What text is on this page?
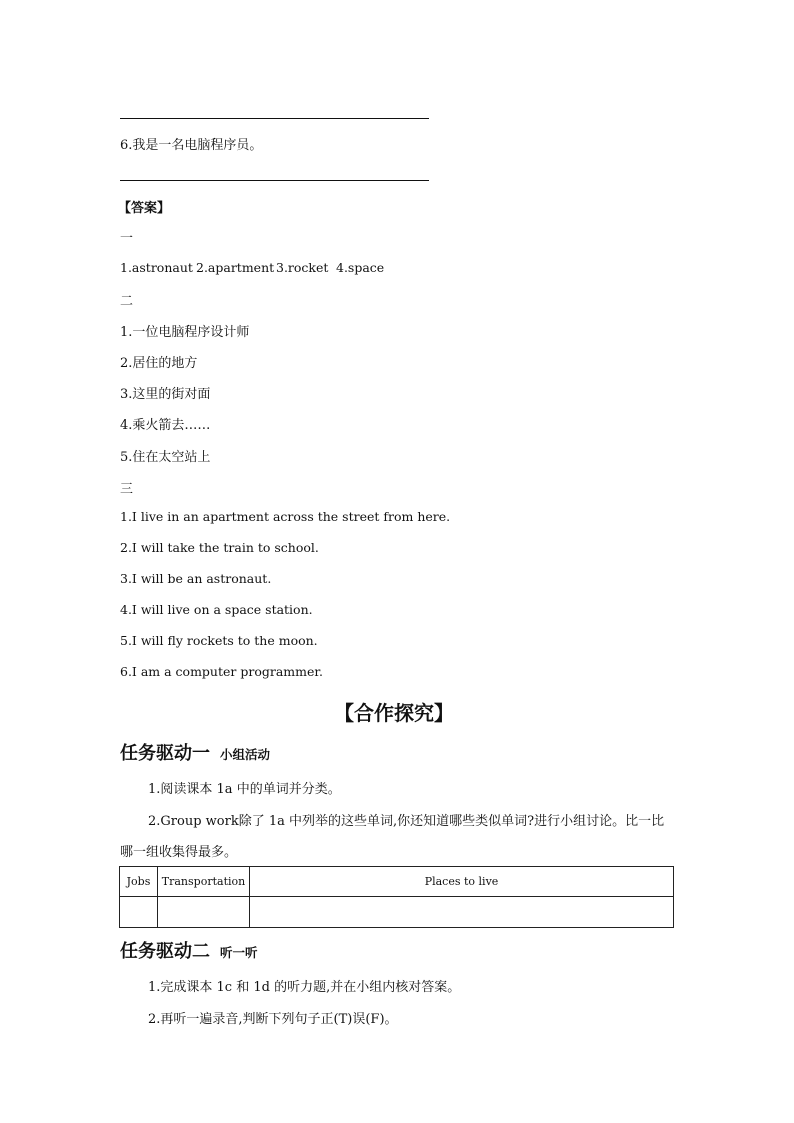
6.我是一名电脑程序员。
【答案】
一
1.astronaut 2.apartment 3.rocket 4.space
二
1.一位电脑程序设计师
2.居住的地方
3.这里的街对面
4.乘火箭去……
5.住在太空站上
三
1.I live in an apartment across the street from here.
2.I will take the train to school.
3.I will be an astronaut.
4.I will live on a space station.
5.I will fly rockets to the moon.
6.I am a computer programmer.
【合作探究】
任务驱动一 小组活动
1.阅读课本 1a 中的单词并分类。
2.Group work除了 1a 中列举的这些单词,你还知道哪些类似单词?进行小组讨论。比一比
哪一组收集得最多。
Jobs	Transportation	Places to live

任务驱动二 听一听
1.完成课本 1c 和 1d 的听力题,并在小组内核对答案。
2.再听一遍录音,判断下列句子正(T)误(F)。
